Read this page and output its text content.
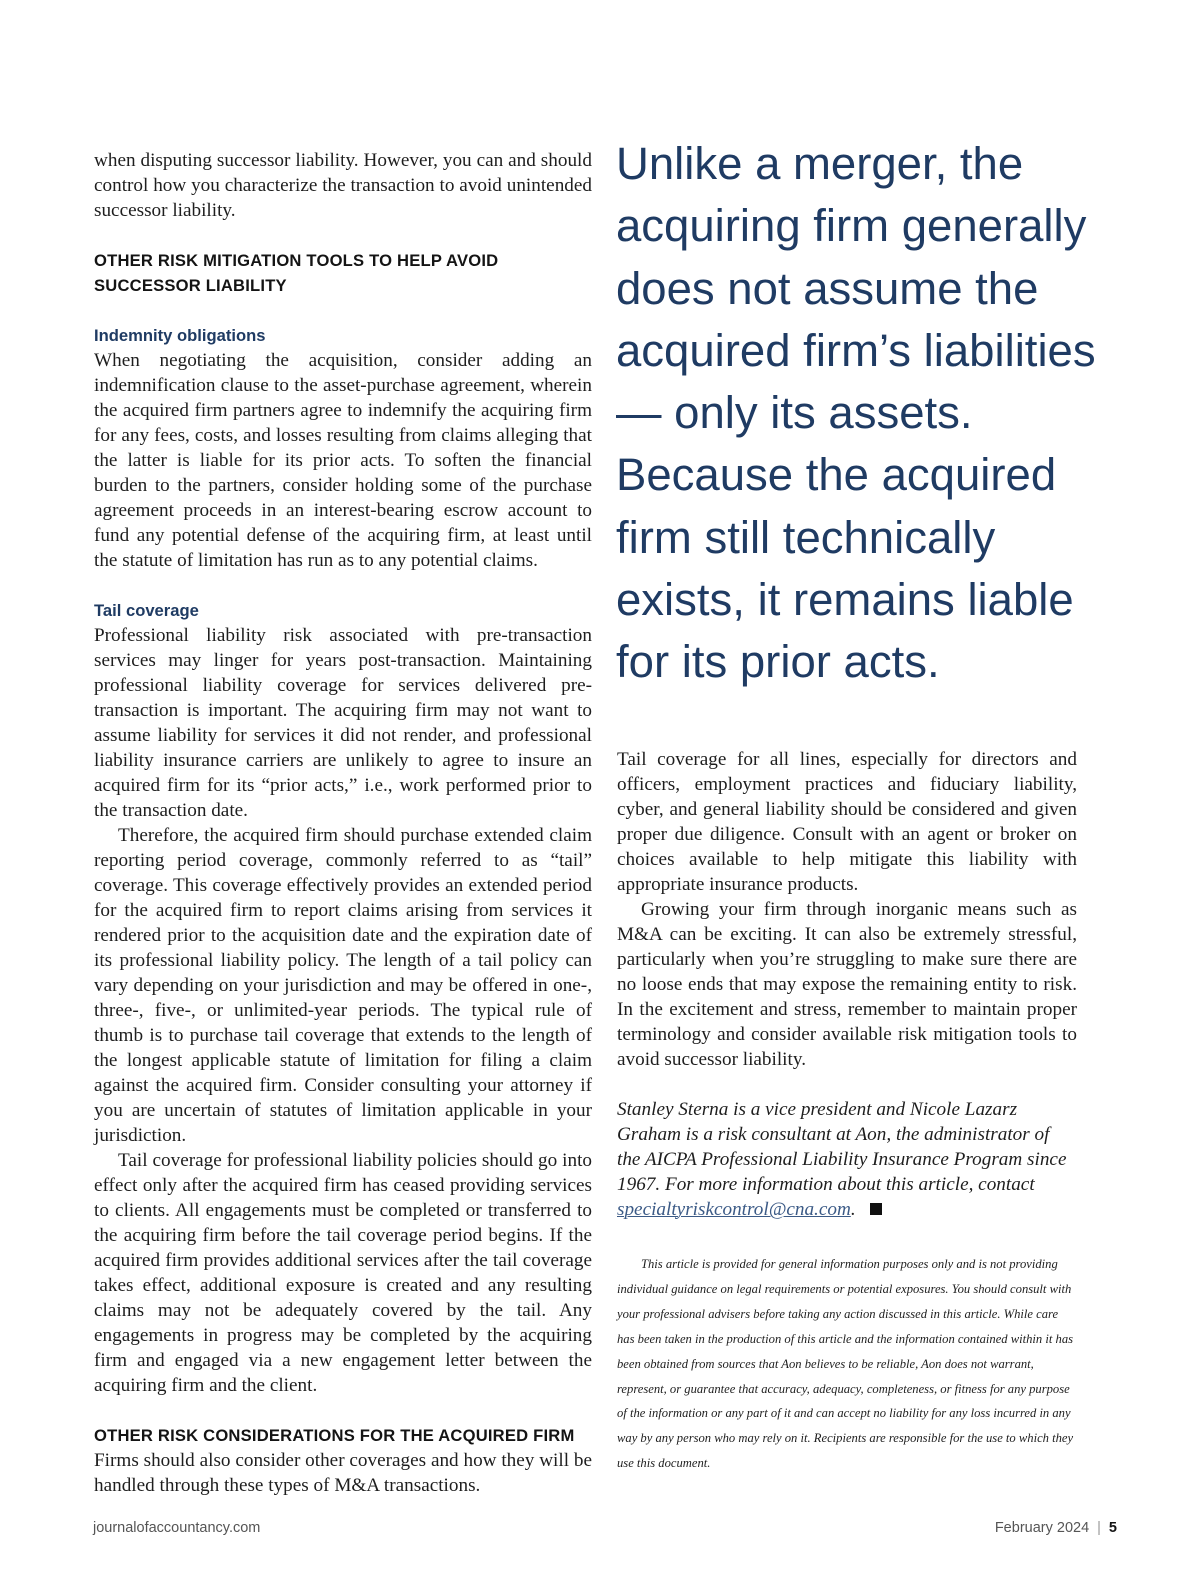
when disputing successor liability. However, you can and should control how you characterize the transaction to avoid unintended successor liability.

OTHER RISK MITIGATION TOOLS TO HELP AVOID
SUCCESSOR LIABILITY
Indemnity obligations

When negotiating the acquisition, consider adding an indemnification clause to the asset-purchase agreement, wherein the acquired firm partners agree to indemnify the acquiring firm for any fees, costs, and losses resulting from claims alleging that the latter is liable for its prior acts. To soften the financial burden to the partners, consider holding some of the purchase agreement proceeds in an interest-bearing escrow account to fund any potential defense of the acquiring firm, at least until the statute of limitation has run as to any potential claims.

Tail coverage

Professional liability risk associated with pre-transaction services may linger for years post-transaction. Maintaining professional liability coverage for services delivered pre-transaction is important. The acquiring firm may not want to assume liability for services it did not render, and professional liability insurance carriers are unlikely to agree to insure an acquired firm for its “prior acts,” i.e., work performed prior to the transaction date.

Therefore, the acquired firm should purchase extended claim reporting period coverage, commonly referred to as “tail” coverage. This coverage effectively provides an extended period for the acquired firm to report claims arising from services it rendered prior to the acquisition date and the expiration date of its professional liability policy. The length of a tail policy can vary depending on your jurisdiction and may be offered in one-, three-, five-, or unlimited-year periods. The typical rule of thumb is to purchase tail coverage that extends to the length of the longest applicable statute of limitation for filing a claim against the acquired firm. Consider consulting your attorney if you are uncertain of statutes of limitation applicable in your jurisdiction.

Tail coverage for professional liability policies should go into effect only after the acquired firm has ceased providing services to clients. All engagements must be completed or transferred to the acquiring firm before the tail coverage period begins. If the acquired firm provides additional services after the tail coverage takes effect, additional exposure is created and any resulting claims may not be adequately covered by the tail. Any engagements in progress may be completed by the acquiring firm and engaged via a new engagement letter between the acquiring firm and the client.

OTHER RISK CONSIDERATIONS FOR THE ACQUIRED FIRM

Firms should also consider other coverages and how they will be handled through these types of M&A transactions.

Unlike a merger, the acquiring firm generally does not assume the acquired firm’s liabilities — only its assets. Because the acquired firm still technically exists, it remains liable for its prior acts.

Tail coverage for all lines, especially for directors and officers, employment practices and fiduciary liability, cyber, and general liability should be considered and given proper due diligence. Consult with an agent or broker on choices available to help mitigate this liability with appropriate insurance products.

Growing your firm through inorganic means such as M&A can be exciting. It can also be extremely stressful, particularly when you’re struggling to make sure there are no loose ends that may expose the remaining entity to risk. In the excitement and stress, remember to maintain proper terminology and consider available risk mitigation tools to avoid successor liability.

Stanley Sterna is a vice president and Nicole Lazarz Graham is a risk consultant at Aon, the administrator of the AICPA Professional Liability Insurance Program since 1967. For more information about this article, contact specialtyriskcontrol@cna.com.

This article is provided for general information purposes only and is not providing individual guidance on legal requirements or potential exposures. You should consult with your professional advisers before taking any action discussed in this article. While care has been taken in the production of this article and the information contained within it has been obtained from sources that Aon believes to be reliable, Aon does not warrant, represent, or guarantee that accuracy, adequacy, completeness, or fitness for any purpose of the information or any part of it and can accept no liability for any loss incurred in any way by any person who may rely on it. Recipients are responsible for the use to which they use this document.

journalofaccountancy.com	February 2024 | 5
